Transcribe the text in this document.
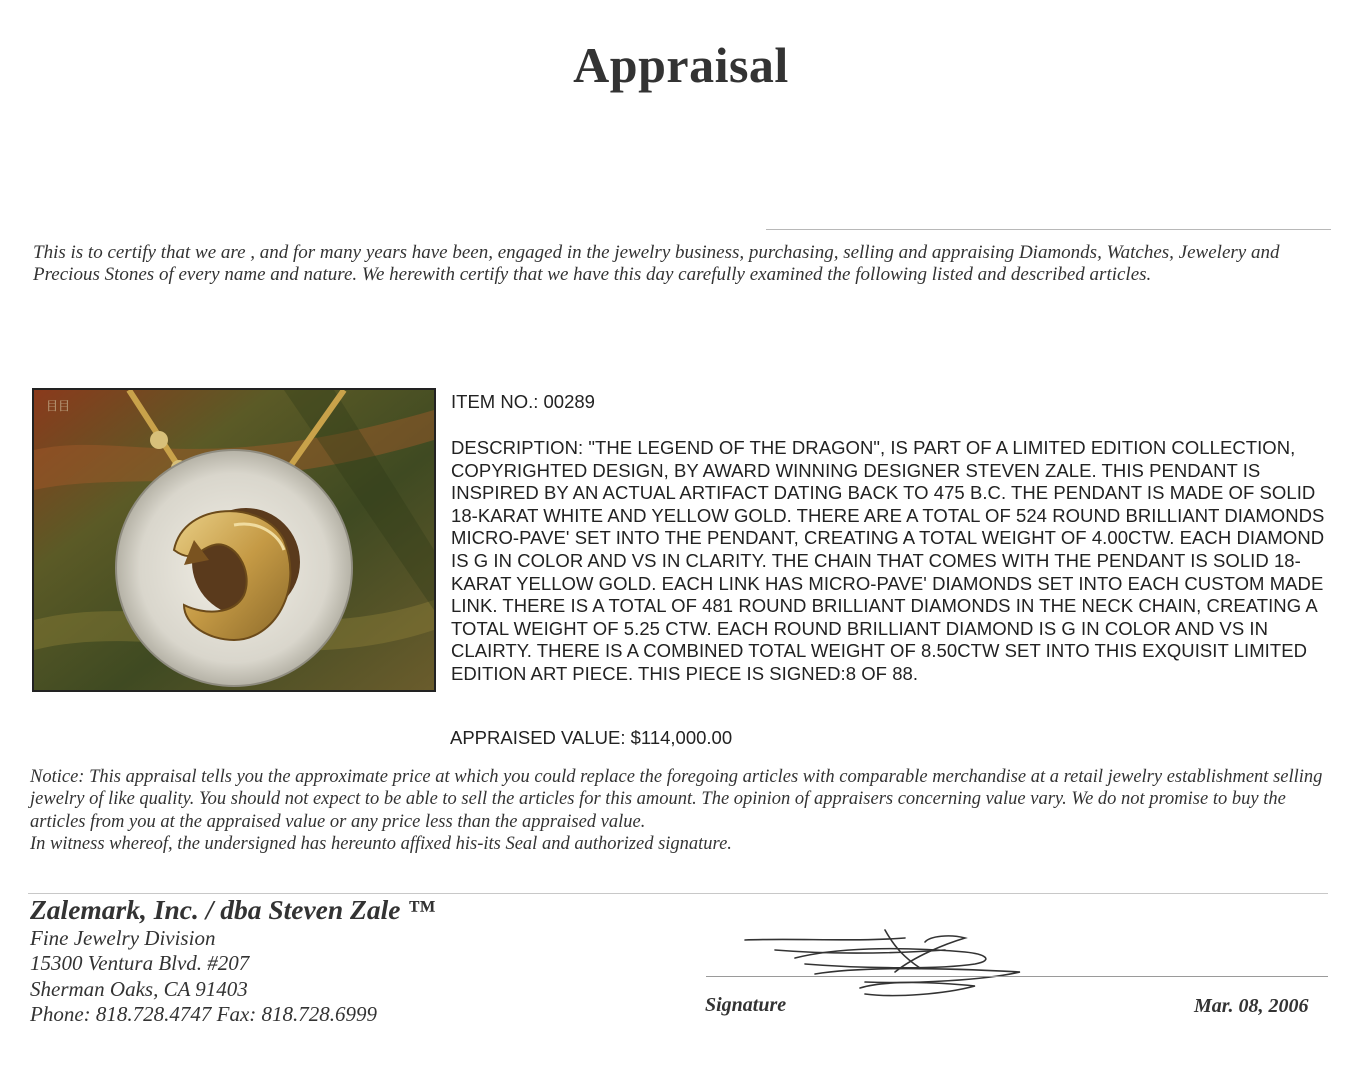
Appraisal
This is to certify that we are , and for many years have been, engaged in the jewelry business, purchasing, selling and appraising Diamonds, Watches, Jewelery and Precious Stones of every name and nature. We herewith certify that we have this day carefully examined the following listed and described articles.
目目	ITEM NO.: 00289
DESCRIPTION: "THE LEGEND OF THE DRAGON", IS PART OF A LIMITED EDITION COLLECTION, COPYRIGHTED DESIGN, BY AWARD WINNING DESIGNER STEVEN ZALE. THIS PENDANT IS INSPIRED BY AN ACTUAL ARTIFACT DATING BACK TO 475 B.C. THE PENDANT IS MADE OF SOLID 18-KARAT WHITE AND YELLOW GOLD. THERE ARE A TOTAL OF 524 ROUND BRILLIANT DIAMONDS MICRO-PAVE' SET INTO THE PENDANT, CREATING A TOTAL WEIGHT OF 4.00CTW. EACH DIAMOND IS G IN COLOR AND VS IN CLARITY. THE CHAIN THAT COMES WITH THE PENDANT IS SOLID 18-KARAT YELLOW GOLD. EACH LINK HAS MICRO-PAVE' DIAMONDS SET INTO EACH CUSTOM MADE LINK. THERE IS A TOTAL OF 481 ROUND BRILLIANT DIAMONDS IN THE NECK CHAIN, CREATING A TOTAL WEIGHT OF 5.25 CTW. EACH ROUND BRILLIANT DIAMOND IS G IN COLOR AND VS IN CLAIRTY. THERE IS A COMBINED TOTAL WEIGHT OF 8.50CTW SET INTO THIS EXQUISIT LIMITED EDITION ART PIECE. THIS PIECE IS SIGNED:8 OF 88.
APPRAISED VALUE: $114,000.00
Notice: This appraisal tells you the approximate price at which you could replace the foregoing articles with comparable merchandise at a retail jewelry establishment selling jewelry of like quality. You should not expect to be able to sell the articles for this amount. The opinion of appraisers concerning value vary. We do not promise to buy the articles from you at the appraised value or any price less than the appraised value.
In witness whereof, the undersigned has hereunto affixed his-its Seal and authorized signature.
Zalemark, Inc. / dba Steven Zale ™
Fine Jewelry Division
15300 Ventura Blvd. #207
Sherman Oaks, CA 91403
Phone: 818.728.4747 Fax: 818.728.6999	Signature	Mar. 08, 2006
